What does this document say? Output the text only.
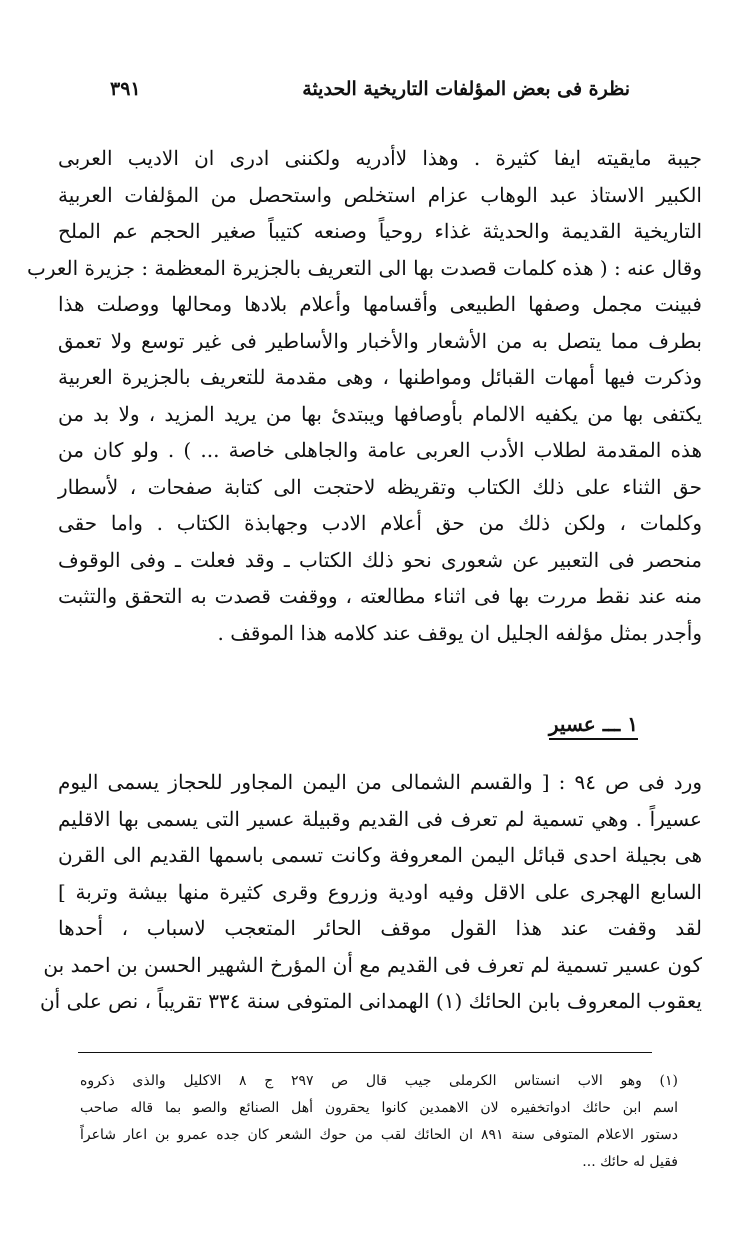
نظرة فى بعض المؤلفات التاريخية الحديثة
٣٩١
جيبة مايقيته ايفا كثيرة . وهذا لاأدريه ولكننى ادرى ان الاديب العربى
الكبير الاستاذ عبد الوهاب عزام استخلص واستحصل من المؤلفات العربية
التاريخية القديمة والحديثة غذاء روحياً وصنعه كتيباً صغير الحجم عم الملح
وقال عنه : ( هذه كلمات قصدت بها الى التعريف بالجزيرة المعظمة : جزيرة العرب
فبينت مجمل وصفها الطبيعى وأقسامها وأعلام بلادها ومحالها ووصلت هذا
بطرف مما يتصل به من الأشعار والأخبار والأساطير فى غير توسع ولا تعمق
وذكرت فيها أمهات القبائل ومواطنها ، وهى مقدمة للتعريف بالجزيرة العربية
يكتفى بها من يكفيه الالمام بأوصافها ويبتدئ بها من يريد المزيد ، ولا بد من
هذه المقدمة لطلاب الأدب العربى عامة والجاهلى خاصة ... ) . ولو كان من
حق الثناء على ذلك الكتاب وتقريظه لاحتجت الى كتابة صفحات ، لأسطار
وكلمات ، ولكن ذلك من حق أعلام الادب وجهابذة الكتاب . واما حقى
منحصر فى التعبير عن شعورى نحو ذلك الكتاب ـ وقد فعلت ـ وفى الوقوف
منه عند نقط مررت بها فى اثناء مطالعته ، ووقفت قصدت به التحقق والتثبت
وأجدر بمثل مؤلفه الجليل ان يوقف عند كلامه هذا الموقف .
١ ـــ عسير
ورد فى ص ٩٤ : [ والقسم الشمالى من اليمن المجاور للحجاز يسمى اليوم
عسيراً . وهي تسمية لم تعرف فى القديم وقبيلة عسير التى يسمى بها الاقليم
هى بجيلة احدى قبائل اليمن المعروفة وكانت تسمى باسمها القديم الى القرن
السابع الهجرى على الاقل وفيه اودية وزروع وقرى كثيرة منها بيشة وتربة ]
لقد وقفت عند هذا القول موقف الحائر المتعجب لاسباب ، أحدها
كون عسير تسمية لم تعرف فى القديم مع أن المؤرخ الشهير الحسن بن احمد بن
يعقوب المعروف بابن الحائك (١) الهمدانى المتوفى سنة ٣٣٤ تقريباً ، نص على أن
(١) وهو الاب انستاس الكرملى جيب قال ص ٢٩٧ ج ٨ الاكليل والذى ذكروه
اسم ابن حائك ادواتخفيره لان الاهمدين كانوا يحقرون أهل الصنائع والصو بما قاله صاحب
دستور الاعلام المتوفى سنة ٨٩١ ان الحائك لقب من حوك الشعر كان جده عمرو بن اعار شاعراً
فقيل له حائك ...
